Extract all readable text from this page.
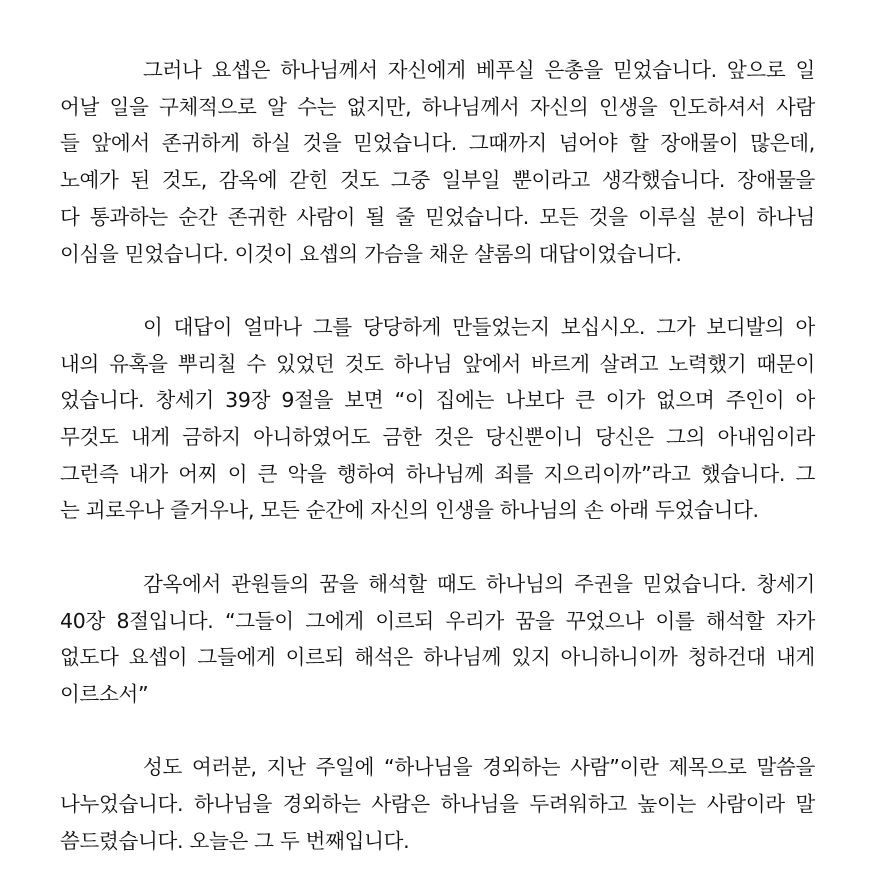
그러나 요셉은 하나님께서 자신에게 베푸실 은총을 믿었습니다. 앞으로 일
어날 일을 구체적으로 알 수는 없지만, 하나님께서 자신의 인생을 인도하셔서 사람
들 앞에서 존귀하게 하실 것을 믿었습니다. 그때까지 넘어야 할 장애물이 많은데,
노예가 된 것도, 감옥에 갇힌 것도 그중 일부일 뿐이라고 생각했습니다. 장애물을
다 통과하는 순간 존귀한 사람이 될 줄 믿었습니다. 모든 것을 이루실 분이 하나님
이심을 믿었습니다. 이것이 요셉의 가슴을 채운 샬롬의 대답이었습니다.
이 대답이 얼마나 그를 당당하게 만들었는지 보십시오. 그가 보디발의 아
내의 유혹을 뿌리칠 수 있었던 것도 하나님 앞에서 바르게 살려고 노력했기 때문이
었습니다. 창세기 39장 9절을 보면 “이 집에는 나보다 큰 이가 없으며 주인이 아
무것도 내게 금하지 아니하였어도 금한 것은 당신뿐이니 당신은 그의 아내임이라
그런즉 내가 어찌 이 큰 악을 행하여 하나님께 죄를 지으리이까”라고 했습니다. 그
는 괴로우나 즐거우나, 모든 순간에 자신의 인생을 하나님의 손 아래 두었습니다.
감옥에서 관원들의 꿈을 해석할 때도 하나님의 주권을 믿었습니다. 창세기
40장 8절입니다. “그들이 그에게 이르되 우리가 꿈을 꾸었으나 이를 해석할 자가
없도다 요셉이 그들에게 이르되 해석은 하나님께 있지 아니하니이까 청하건대 내게
이르소서”
성도 여러분, 지난 주일에 “하나님을 경외하는 사람”이란 제목으로 말씀을
나누었습니다. 하나님을 경외하는 사람은 하나님을 두려워하고 높이는 사람이라 말
씀드렸습니다. 오늘은 그 두 번째입니다.
